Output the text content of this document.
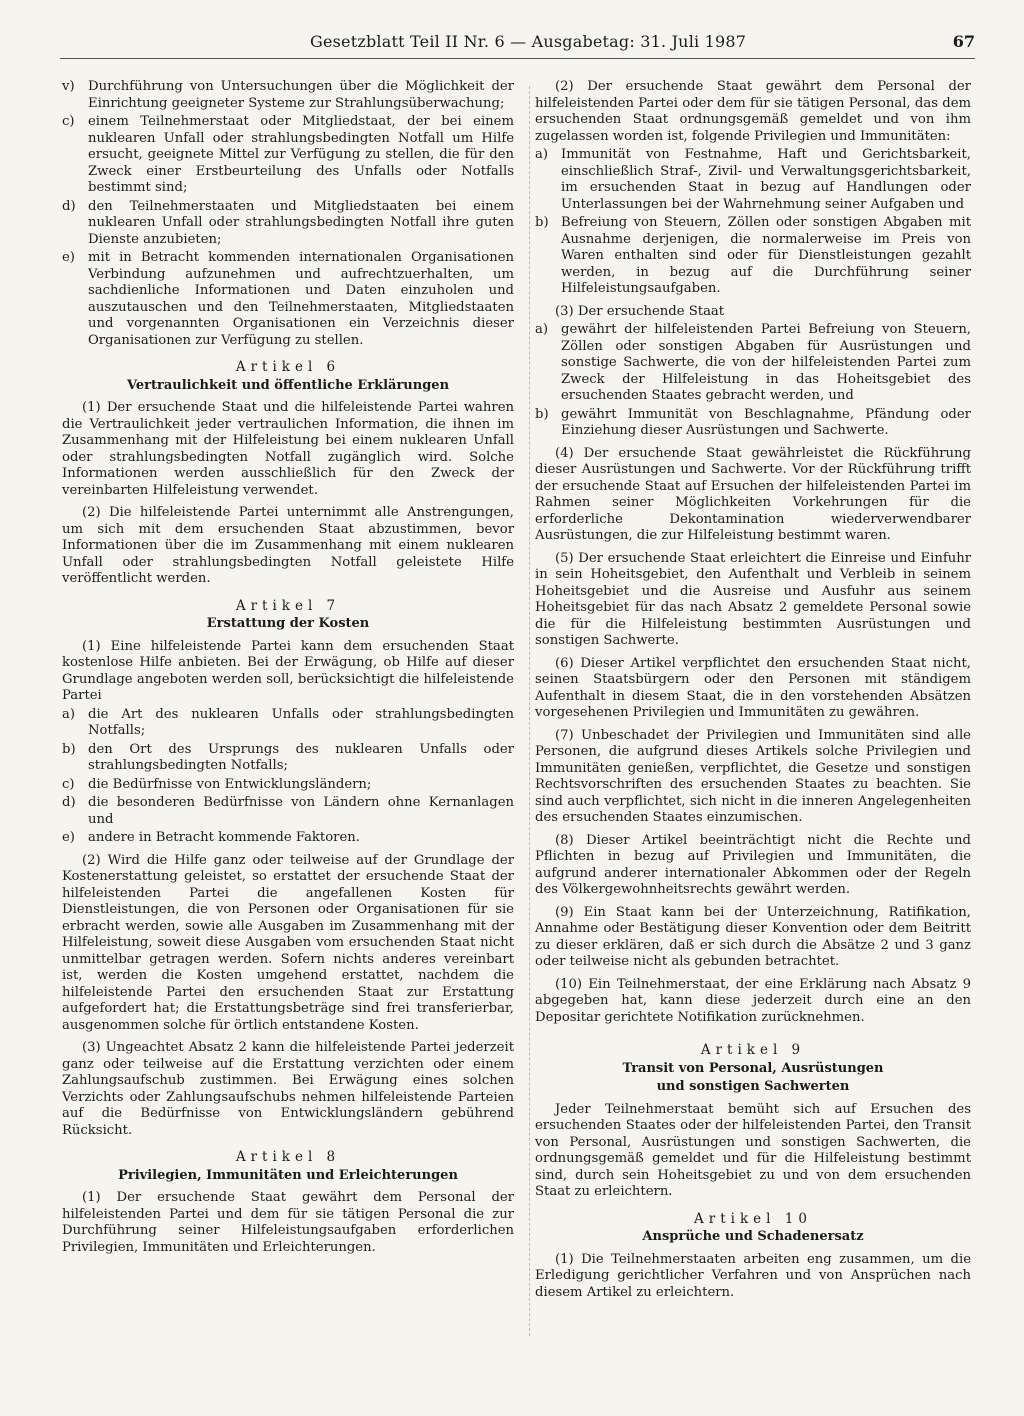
Gesetzblatt Teil II Nr. 6 — Ausgabetag: 31. Juli 1987	67
v)	Durchführung von Untersuchungen über die Möglichkeit der Einrichtung geeigneter Systeme zur Strahlungsüberwachung;
c)	einem Teilnehmerstaat oder Mitgliedstaat, der bei einem nuklearen Unfall oder strahlungsbedingten Notfall um Hilfe ersucht, geeignete Mittel zur Verfügung zu stellen, die für den Zweck einer Erstbeurteilung des Unfalls oder Notfalls bestimmt sind;
d) den Teilnehmerstaaten und Mitgliedstaaten bei einem nuklearen Unfall oder strahlungsbedingten Notfall ihre guten Dienste anzubieten;
e) mit in Betracht kommenden internationalen Organisationen Verbindung aufzunehmen und aufrechtzuerhalten, um sachdienliche Informationen und Daten einzuholen und auszutauschen und den Teilnehmerstaaten, Mitgliedstaaten und vorgenannten Organisationen ein Verzeichnis dieser Organisationen zur Verfügung zu stellen.
Artikel 6
Vertraulichkeit und öffentliche Erklärungen

(1) Der ersuchende Staat und die hilfeleistende Partei wahren die Vertraulichkeit jeder vertraulichen Information, die ihnen im Zusammenhang mit der Hilfeleistung bei einem nuklearen Unfall oder strahlungsbedingten Notfall zugänglich wird. Solche Informationen werden ausschließlich für den Zweck der vereinbarten Hilfeleistung verwendet.

(2) Die hilfeleistende Partei unternimmt alle Anstrengungen, um sich mit dem ersuchenden Staat abzustimmen, bevor Informationen über die im Zusammenhang mit einem nuklearen Unfall oder strahlungsbedingten Notfall geleistete Hilfe veröffentlicht werden.

Artikel 7
Erstattung der Kosten

(1) Eine hilfeleistende Partei kann dem ersuchenden Staat kostenlose Hilfe anbieten. Bei der Erwägung, ob Hilfe auf dieser Grundlage angeboten werden soll, berücksichtigt die hilfeleistende Partei

a) die Art des nuklearen Unfalls oder strahlungsbedingten Notfalls;
b) den Ort des Ursprungs des nuklearen Unfalls oder strahlungsbedingten Notfalls;
c)	die Bedürfnisse von Entwicklungsländern;
d) die besonderen Bedürfnisse von Ländern ohne Kernanlagen und
e) andere in Betracht kommende Faktoren.

(2) Wird die Hilfe ganz oder teilweise auf der Grundlage der Kostenerstattung geleistet, so erstattet der ersuchende Staat der hilfeleistenden Partei die angefallenen Kosten für Dienstleistungen, die von Personen oder Organisationen für sie erbracht werden, sowie alle Ausgaben im Zusammenhang mit der Hilfeleistung, soweit diese Ausgaben vom ersuchenden Staat nicht unmittelbar getragen werden. Sofern nichts anderes vereinbart ist, werden die Kosten umgehend erstattet, nachdem die hilfeleistende Partei den ersuchenden Staat zur Erstattung aufgefordert hat; die Erstattungsbeträge sind frei transferierbar, ausgenommen solche für örtlich entstandene Kosten.

(3) Ungeachtet Absatz 2 kann die hilfeleistende Partei jederzeit ganz oder teilweise auf die Erstattung verzichten oder einem Zahlungsaufschub zustimmen. Bei Erwägung eines solchen Verzichts oder Zahlungsaufschubs nehmen hilfeleistende Parteien auf die Bedürfnisse von Entwicklungsländern gebührend Rücksicht.

Artikel 8
Privilegien, Immunitäten und Erleichterungen

(1) Der ersuchende Staat gewährt dem Personal der hilfeleistenden Partei und dem für sie tätigen Personal die zur Durchführung seiner Hilfeleistungsaufgaben erforderlichen Privilegien, Immunitäten und Erleichterungen.

(2) Der ersuchende Staat gewährt dem Personal der hilfeleistenden Partei oder dem für sie tätigen Personal, das dem ersuchenden Staat ordnungsgemäß gemeldet und von ihm zugelassen worden ist, folgende Privilegien und Immunitäten:

a) Immunität von Festnahme, Haft und Gerichtsbarkeit, einschließlich Straf-, Zivil- und Verwaltungsgerichtsbarkeit, im ersuchenden Staat in bezug auf Handlungen oder Unterlassungen bei der Wahrnehmung seiner Aufgaben und
b) Befreiung von Steuern, Zöllen oder sonstigen Abgaben mit Ausnahme derjenigen, die normalerweise im Preis von Waren enthalten sind oder für Dienstleistungen gezahlt werden, in bezug auf die Durchführung seiner Hilfeleistungsaufgaben.

(3) Der ersuchende Staat

a) gewährt der hilfeleistenden Partei Befreiung von Steuern, Zöllen oder sonstigen Abgaben für Ausrüstungen und sonstige Sachwerte, die von der hilfeleistenden Partei zum Zweck der Hilfeleistung in das Hoheitsgebiet des ersuchenden Staates gebracht werden, und
b) gewährt Immunität von Beschlagnahme, Pfändung oder Einziehung dieser Ausrüstungen und Sachwerte.

(4) Der ersuchende Staat gewährleistet die Rückführung dieser Ausrüstungen und Sachwerte. Vor der Rückführung trifft der ersuchende Staat auf Ersuchen der hilfeleistenden Partei im Rahmen seiner Möglichkeiten Vorkehrungen für die erforderliche Dekontamination wiederverwendbarer Ausrüstungen, die zur Hilfeleistung bestimmt waren.

(5) Der ersuchende Staat erleichtert die Einreise und Einfuhr in sein Hoheitsgebiet, den Aufenthalt und Verbleib in seinem Hoheitsgebiet und die Ausreise und Ausfuhr aus seinem Hoheitsgebiet für das nach Absatz 2 gemeldete Personal sowie die für die Hilfeleistung bestimmten Ausrüstungen und sonstigen Sachwerte.

(6) Dieser Artikel verpflichtet den ersuchenden Staat nicht, seinen Staatsbürgern oder den Personen mit ständigem Aufenthalt in diesem Staat, die in den vorstehenden Absätzen vorgesehenen Privilegien und Immunitäten zu gewähren.

(7) Unbeschadet der Privilegien und Immunitäten sind alle Personen, die aufgrund dieses Artikels solche Privilegien und Immunitäten genießen, verpflichtet, die Gesetze und sonstigen Rechtsvorschriften des ersuchenden Staates zu beachten. Sie sind auch verpflichtet, sich nicht in die inneren Angelegenheiten des ersuchenden Staates einzumischen.

(8) Dieser Artikel beeinträchtigt nicht die Rechte und Pflichten in bezug auf Privilegien und Immunitäten, die aufgrund anderer internationaler Abkommen oder der Regeln des Völkergewohnheitsrechts gewährt werden.

(9) Ein Staat kann bei der Unterzeichnung, Ratifikation, Annahme oder Bestätigung dieser Konvention oder dem Beitritt zu dieser erklären, daß er sich durch die Absätze 2 und 3 ganz oder teilweise nicht als gebunden betrachtet.

(10) Ein Teilnehmerstaat, der eine Erklärung nach Absatz 9 abgegeben hat, kann diese jederzeit durch eine an den Depositar gerichtete Notifikation zurücknehmen.

Artikel 9
Transit von Personal, Ausrüstungen
und sonstigen Sachwerten

Jeder Teilnehmerstaat bemüht sich auf Ersuchen des ersuchenden Staates oder der hilfeleistenden Partei, den Transit von Personal, Ausrüstungen und sonstigen Sachwerten, die ordnungsgemäß gemeldet und für die Hilfeleistung bestimmt sind, durch sein Hoheitsgebiet zu und von dem ersuchenden Staat zu erleichtern.

Artikel 10
Ansprüche und Schadenersatz

(1) Die Teilnehmerstaaten arbeiten eng zusammen, um die Erledigung gerichtlicher Verfahren und von Ansprüchen nach diesem Artikel zu erleichtern.
